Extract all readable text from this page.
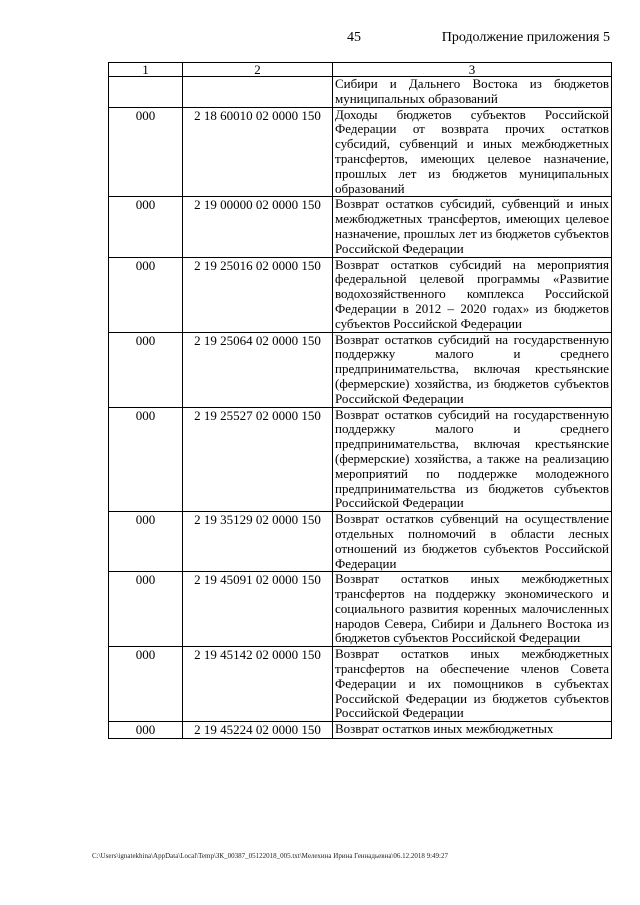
45	Продолжение приложения 5
1	2	3
		Сибири и Дальнего Востока из бюджетов муниципальных образований
000	2 18 60010 02 0000 150	Доходы бюджетов субъектов Российской Федерации от возврата прочих остатков субсидий, субвенций и иных межбюджетных трансфертов, имеющих целевое назначение, прошлых лет из бюджетов муниципальных образований
000	2 19 00000 02 0000 150	Возврат остатков субсидий, субвенций и иных межбюджетных трансфертов, имеющих целевое назначение, прошлых лет из бюджетов субъектов Российской Федерации
000	2 19 25016 02 0000 150	Возврат остатков субсидий на мероприятия федеральной целевой программы «Развитие водохозяйственного комплекса Российской Федерации в 2012 – 2020 годах» из бюджетов субъектов Российской Федерации
000	2 19 25064 02 0000 150	Возврат остатков субсидий на государственную поддержку малого и среднего предпринимательства, включая крестьянские (фермерские) хозяйства, из бюджетов субъектов Российской Федерации
000	2 19 25527 02 0000 150	Возврат остатков субсидий на государственную поддержку малого и среднего предпринимательства, включая крестьянские (фермерские) хозяйства, а также на реализацию мероприятий по поддержке молодежного предпринимательства из бюджетов субъектов Российской Федерации
000	2 19 35129 02 0000 150	Возврат остатков субвенций на осуществление отдельных полномочий в области лесных отношений из бюджетов субъектов Российской Федерации
000	2 19 45091 02 0000 150	Возврат остатков иных межбюджетных трансфертов на поддержку экономического и социального развития коренных малочисленных народов Севера, Сибири и Дальнего Востока из бюджетов субъектов Российской Федерации
000	2 19 45142 02 0000 150	Возврат остатков иных межбюджетных трансфертов на обеспечение членов Совета Федерации и их помощников в субъектах Российской Федерации из бюджетов субъектов Российской Федерации
000	2 19 45224 02 0000 150	Возврат остатков иных межбюджетных
C:\Users\ignatekhina\AppData\Local\Temp\ЗК_00387_05122018_005.txt\Мелехина Ирина Геннадьевна\06.12.2018 9:49:27
